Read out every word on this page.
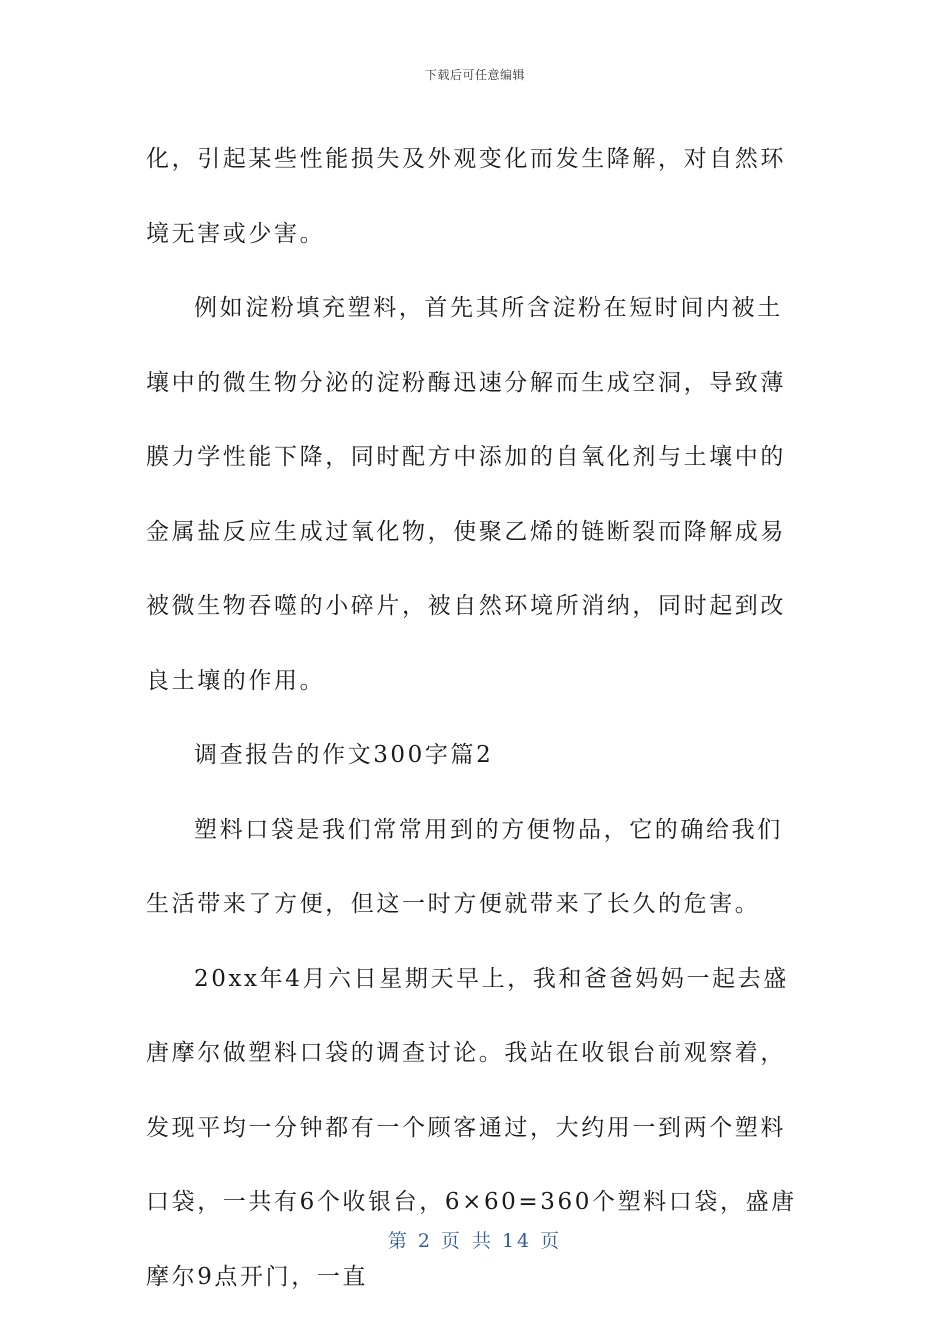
下载后可任意编辑

化，引起某些性能损失及外观变化而发生降解，对自然环境无害或少害。

例如淀粉填充塑料，首先其所含淀粉在短时间内被土壤中的微生物分泌的淀粉酶迅速分解而生成空洞，导致薄膜力学性能下降，同时配方中添加的自氧化剂与土壤中的金属盐反应生成过氧化物，使聚乙烯的链断裂而降解成易被微生物吞噬的小碎片，被自然环境所消纳，同时起到改良土壤的作用。

调查报告的作文300字篇2

塑料口袋是我们常常用到的方便物品，它的确给我们生活带来了方便，但这一时方便就带来了长久的危害。

20xx年4月六日星期天早上，我和爸爸妈妈一起去盛唐摩尔做塑料口袋的调查讨论。我站在收银台前观察着，发现平均一分钟都有一个顾客通过，大约用一到两个塑料口袋，一共有6个收银台，6×60=360个塑料口袋，盛唐摩尔9点开门，一直

第 2 页 共 14 页
